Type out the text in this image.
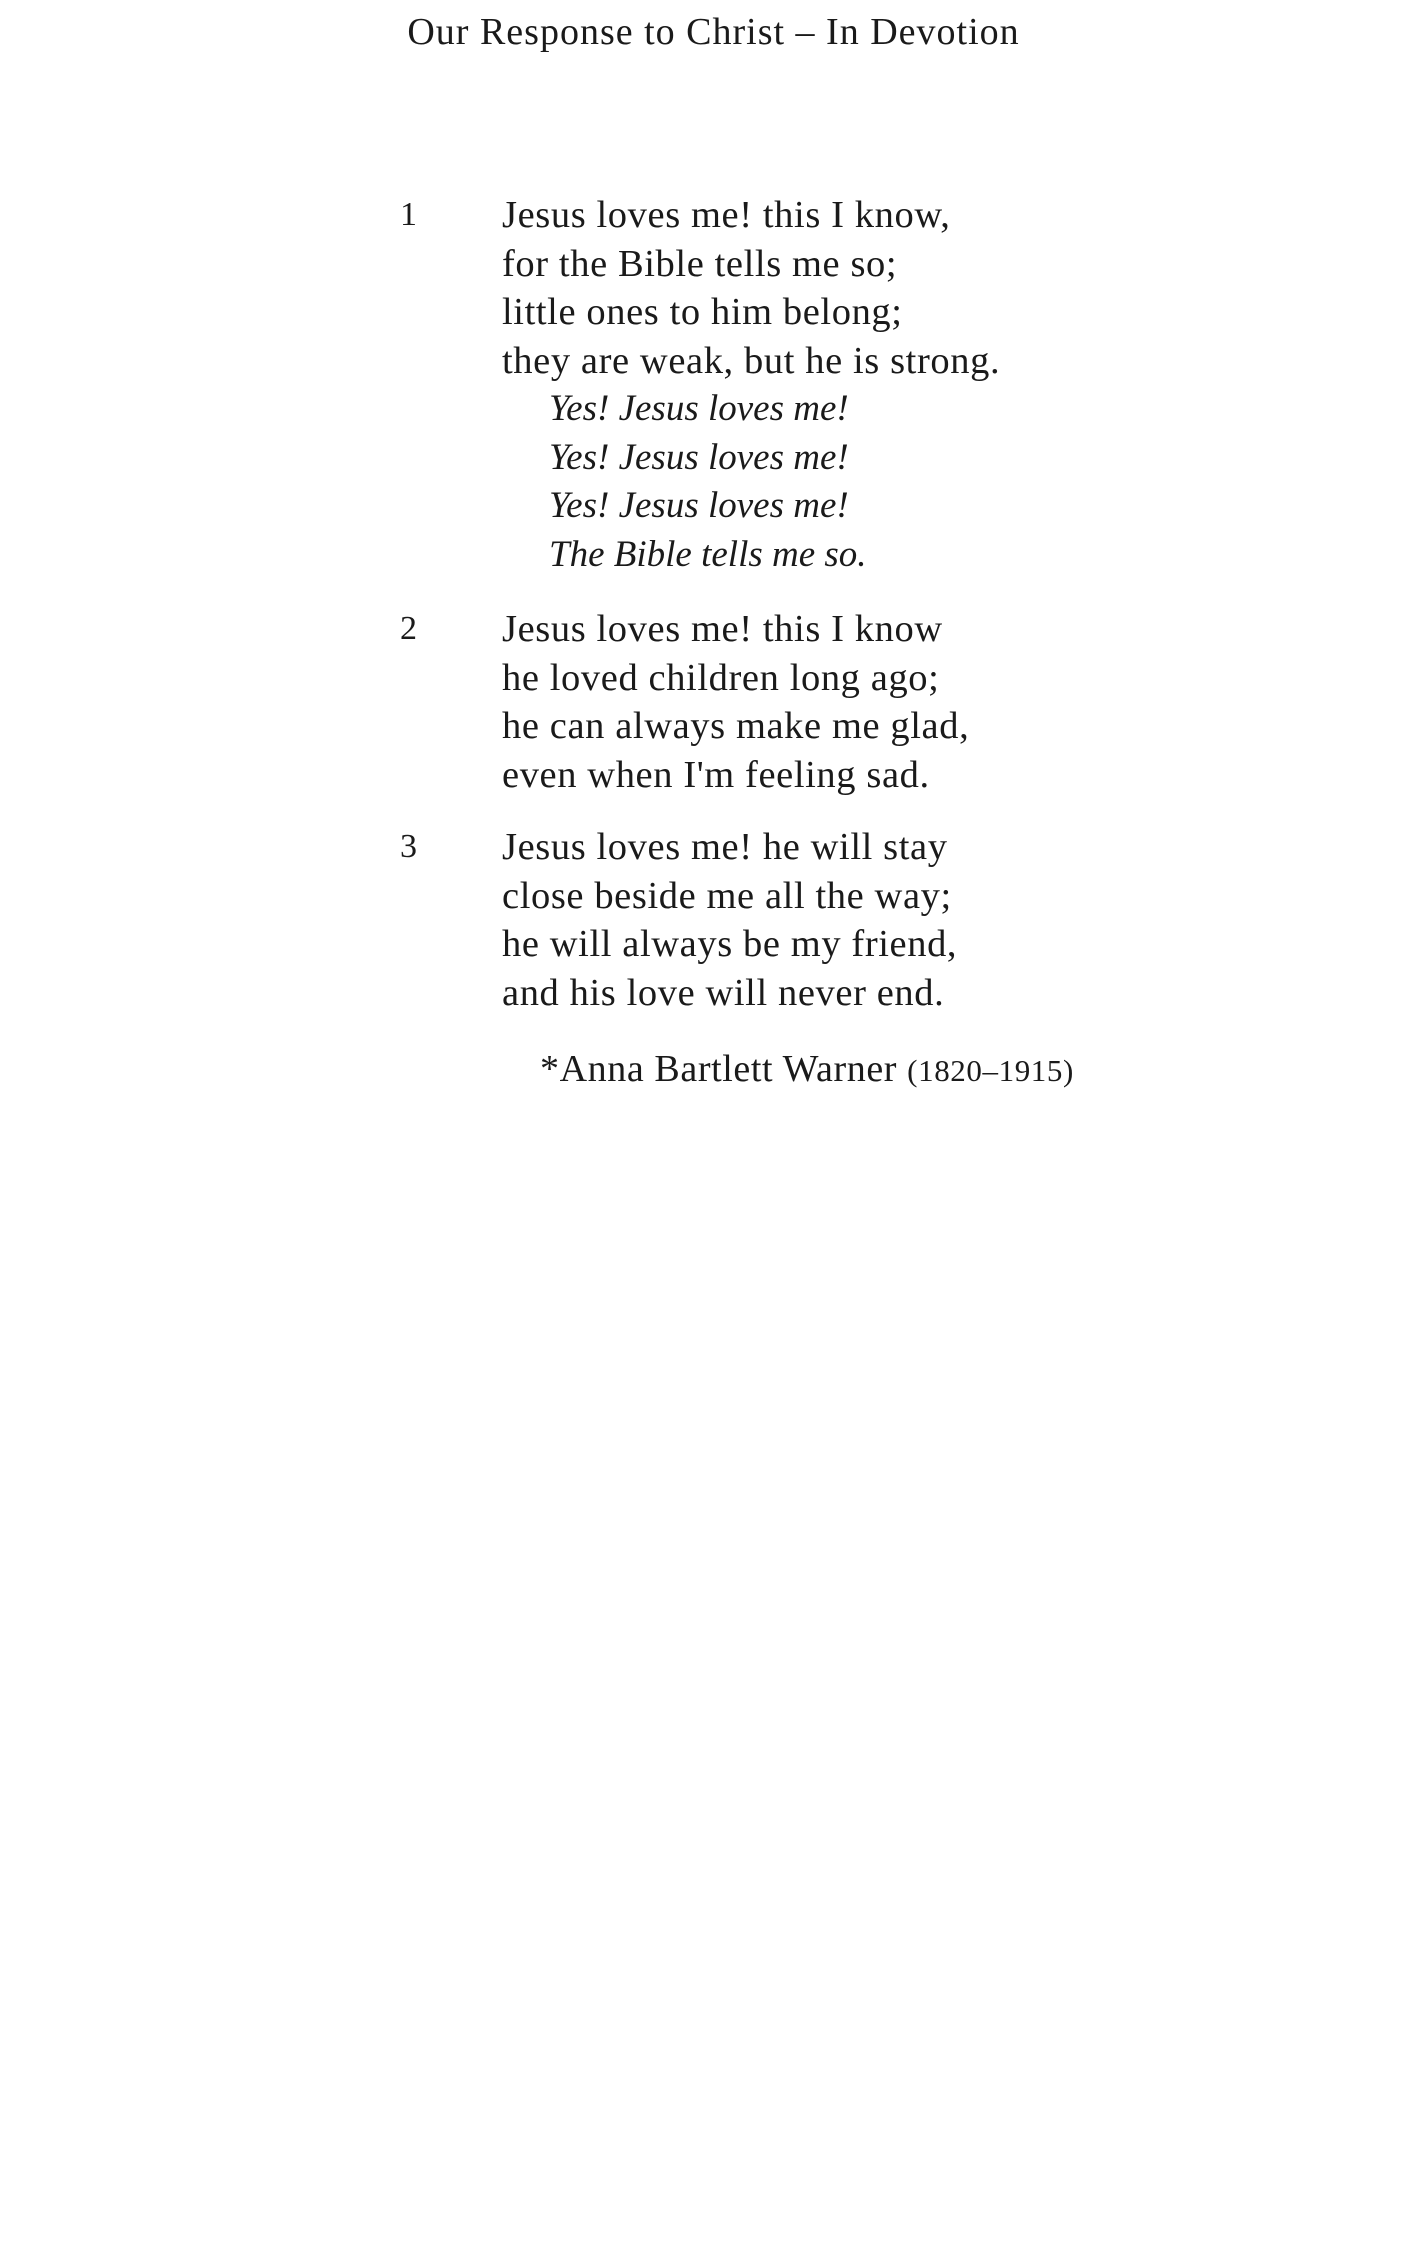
Our Response to Christ – In Devotion
1	Jesus loves me! this I know,
for the Bible tells me so;
little ones to him belong;
they are weak, but he is strong.
Yes! Jesus loves me!
Yes! Jesus loves me!
Yes! Jesus loves me!
The Bible tells me so.
2	Jesus loves me! this I know
he loved children long ago;
he can always make me glad,
even when I'm feeling sad.
3	Jesus loves me! he will stay
close beside me all the way;
he will always be my friend,
and his love will never end.
*Anna Bartlett Warner (1820–1915)
